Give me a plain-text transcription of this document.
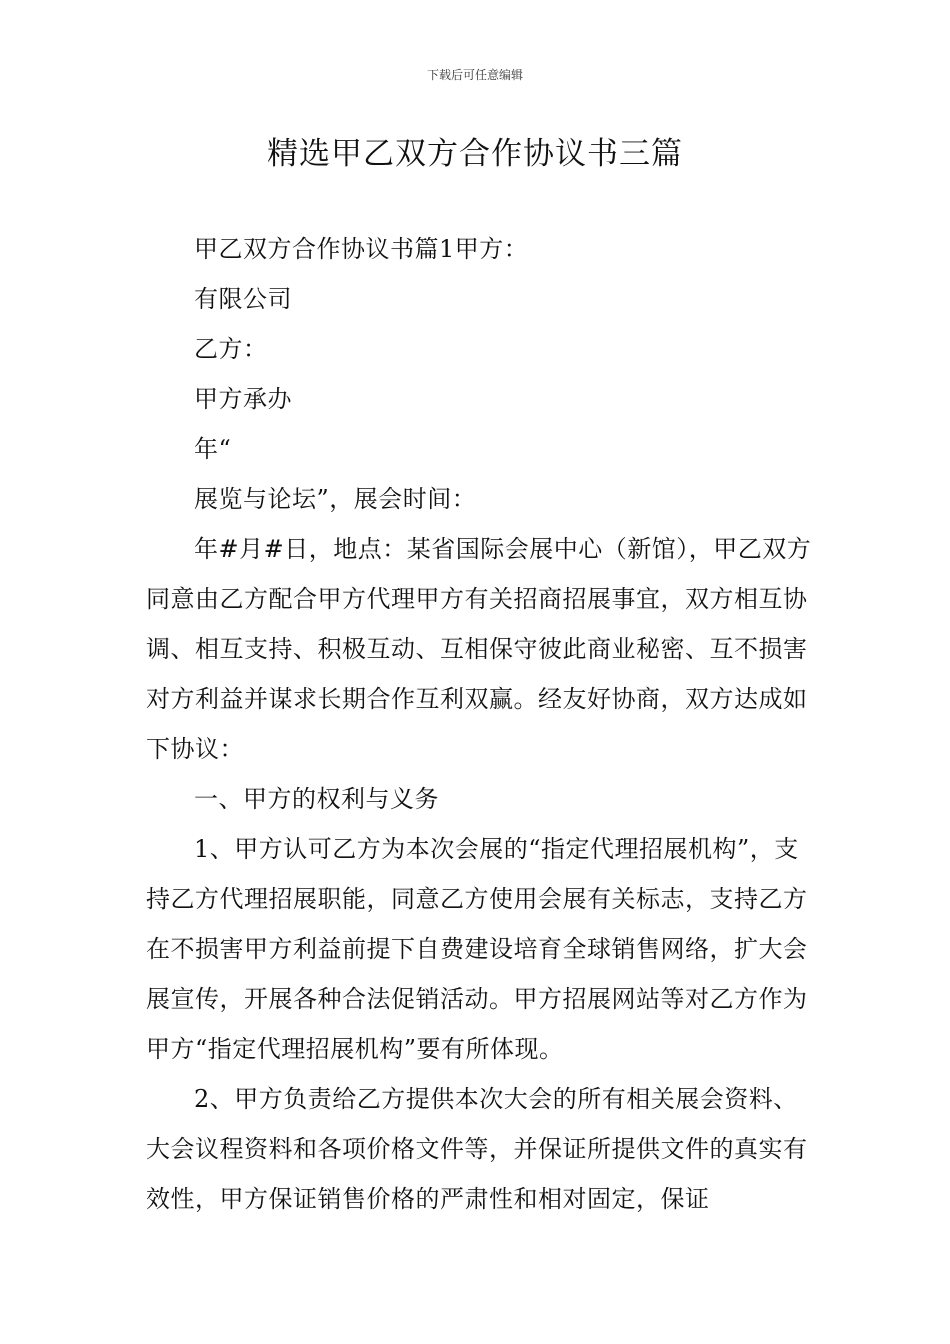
下载后可任意编辑
精选甲乙双方合作协议书三篇

甲乙双方合作协议书篇1甲方：

有限公司

乙方：

甲方承办

年“

展览与论坛”，展会时间：

年#月#日，地点：某省国际会展中心（新馆），甲乙双方同意由乙方配合甲方代理甲方有关招商招展事宜，双方相互协调、相互支持、积极互动、互相保守彼此商业秘密、互不损害对方利益并谋求长期合作互利双赢。经友好协商，双方达成如下协议：

一、甲方的权利与义务

1、甲方认可乙方为本次会展的“指定代理招展机构”，支持乙方代理招展职能，同意乙方使用会展有关标志，支持乙方在不损害甲方利益前提下自费建设培育全球销售网络，扩大会展宣传，开展各种合法促销活动。甲方招展网站等对乙方作为甲方“指定代理招展机构”要有所体现。

2、甲方负责给乙方提供本次大会的所有相关展会资料、大会议程资料和各项价格文件等，并保证所提供文件的真实有效性，甲方保证销售价格的严肃性和相对固定，保证
